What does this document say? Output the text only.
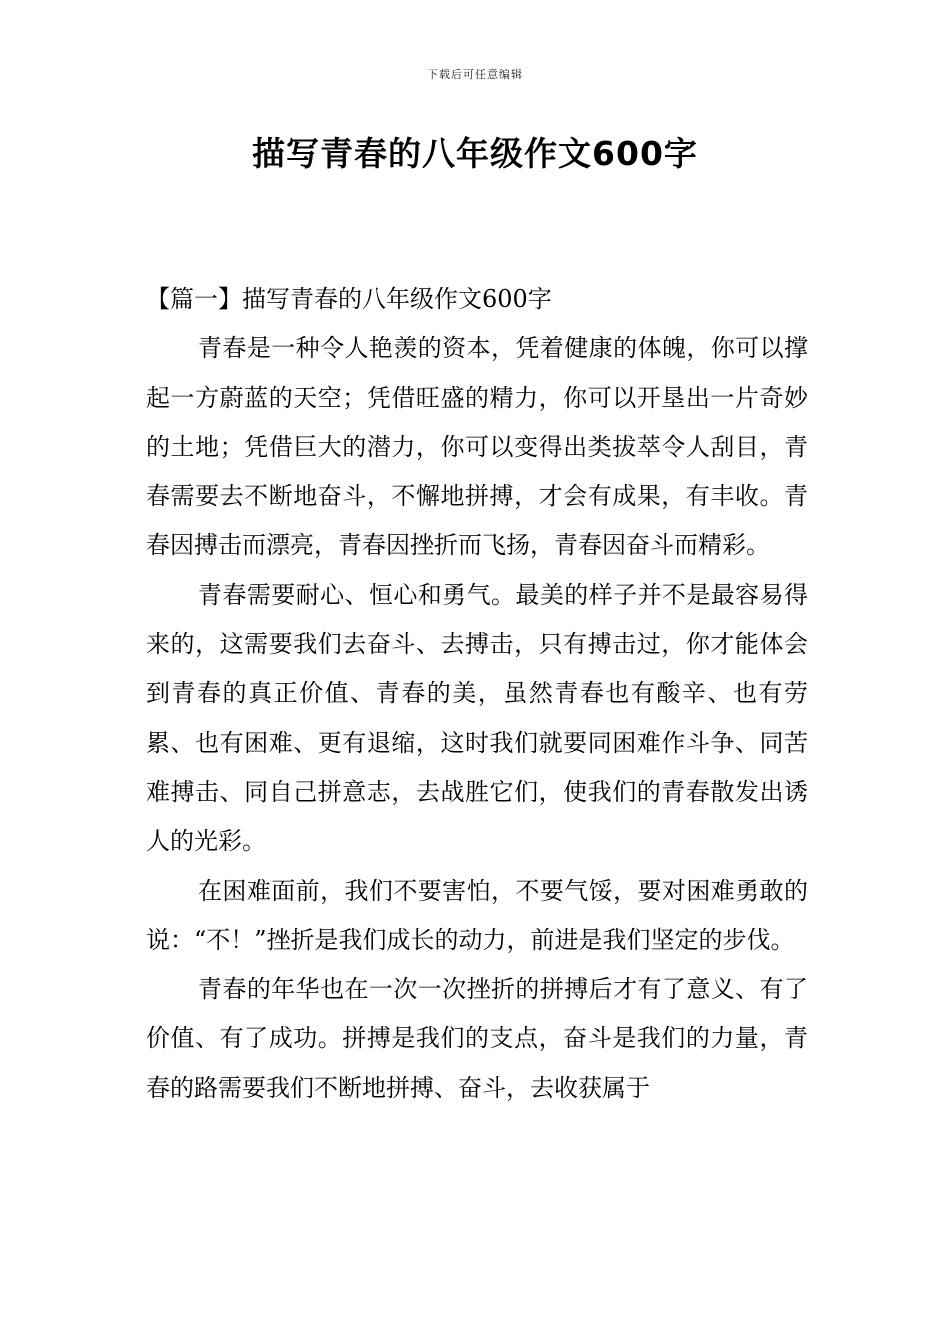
下载后可任意编辑
描写青春的八年级作文600字
【篇一】描写青春的八年级作文600字

青春是一种令人艳羡的资本，凭着健康的体魄，你可以撑起一方蔚蓝的天空；凭借旺盛的精力，你可以开垦出一片奇妙的土地；凭借巨大的潜力，你可以变得出类拔萃令人刮目，青春需要去不断地奋斗，不懈地拼搏，才会有成果，有丰收。青春因搏击而漂亮，青春因挫折而飞扬，青春因奋斗而精彩。

青春需要耐心、恒心和勇气。最美的样子并不是最容易得来的，这需要我们去奋斗、去搏击，只有搏击过，你才能体会到青春的真正价值、青春的美，虽然青春也有酸辛、也有劳累、也有困难、更有退缩，这时我们就要同困难作斗争、同苦难搏击、同自己拼意志，去战胜它们，使我们的青春散发出诱人的光彩。

在困难面前，我们不要害怕，不要气馁，要对困难勇敢的说：“不！”挫折是我们成长的动力，前进是我们坚定的步伐。

青春的年华也在一次一次挫折的拼搏后才有了意义、有了价值、有了成功。拼搏是我们的支点，奋斗是我们的力量，青春的路需要我们不断地拼搏、奋斗，去收获属于
